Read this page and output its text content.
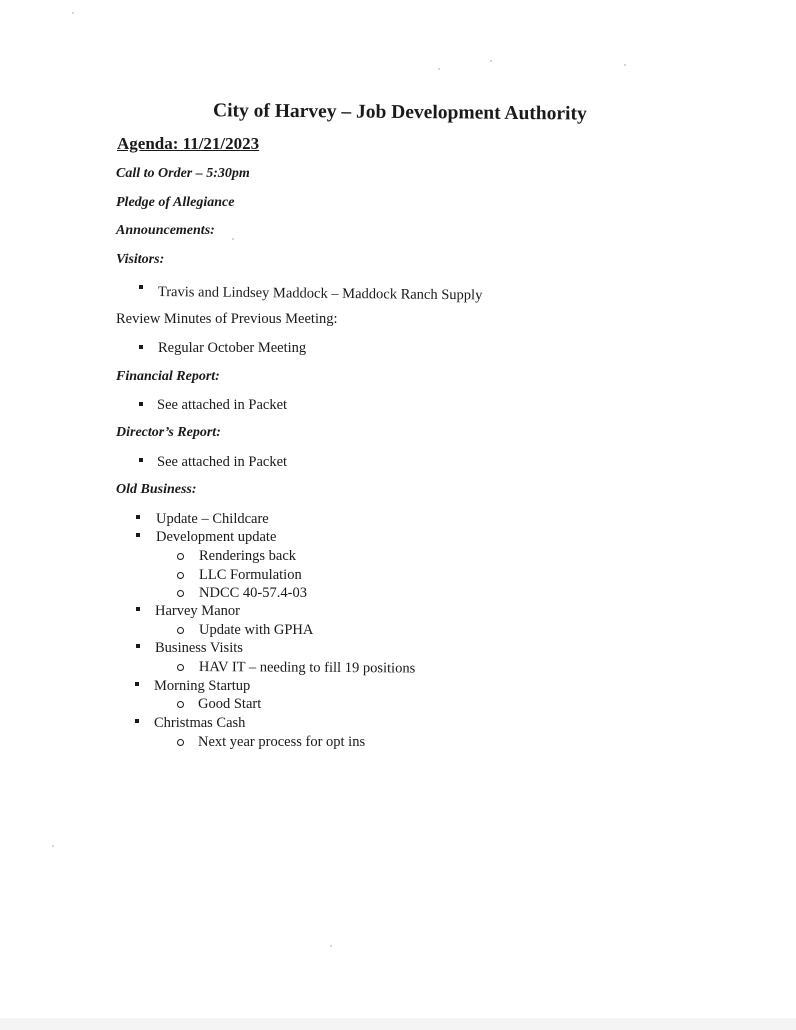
City of Harvey – Job Development Authority
Agenda: 11/21/2023
Call to Order – 5:30pm
Pledge of Allegiance
Announcements:
Visitors:
Travis and Lindsey Maddock – Maddock Ranch Supply
Review Minutes of Previous Meeting:
Regular October Meeting
Financial Report:
See attached in Packet
Director’s Report:
See attached in Packet
Old Business:
Update – Childcare
Development update
Renderings back
LLC Formulation
NDCC 40-57.4-03
Harvey Manor
Update with GPHA
Business Visits
HAV IT – needing to fill 19 positions
Morning Startup
Good Start
Christmas Cash
Next year process for opt ins
